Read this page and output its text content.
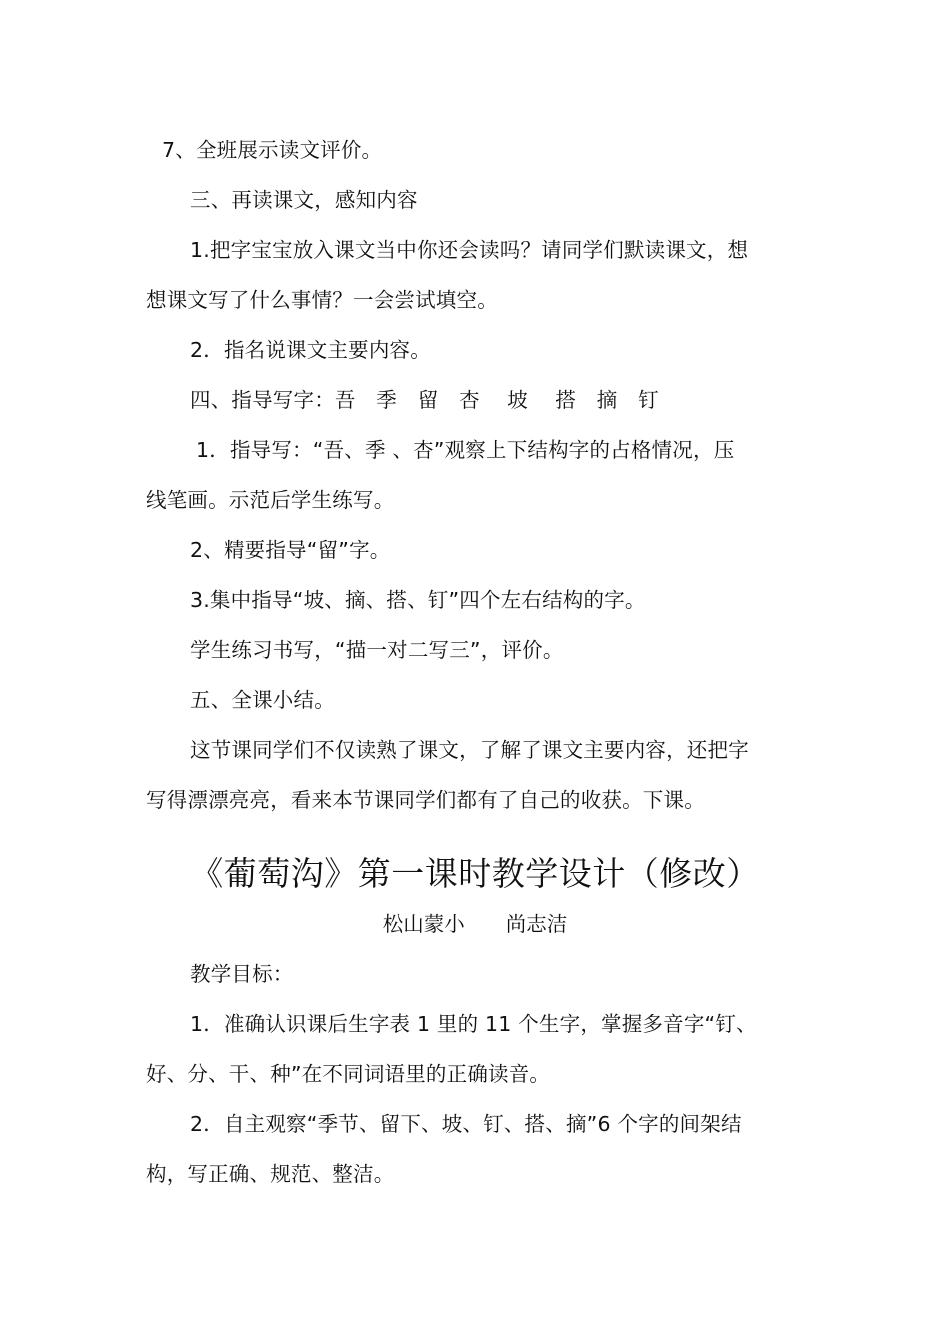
7、全班展示读文评价。
三、再读课文，感知内容
1.把字宝宝放入课文当中你还会读吗？请同学们默读课文，想
想课文写了什么事情？一会尝试填空。
2．指名说课文主要内容。
四、指导写字：吾　季　留　杏　 坡　 搭　摘　钉
1．指导写：“吾、季 、杏”观察上下结构字的占格情况，压
线笔画。示范后学生练写。
2、精要指导“留”字。
3.集中指导“坡、摘、搭、钉”四个左右结构的字。
学生练习书写，“描一对二写三”，评价。
五、全课小结。
这节课同学们不仅读熟了课文，了解了课文主要内容，还把字
写得漂漂亮亮，看来本节课同学们都有了自己的收获。下课。
《葡萄沟》第一课时教学设计（修改）
松山蒙小　　尚志洁
教学目标：
1．准确认识课后生字表 1 里的 11 个生字，掌握多音字“钉、
好、分、干、种”在不同词语里的正确读音。
2．自主观察“季节、留下、坡、钉、搭、摘”6 个字的间架结
构，写正确、规范、整洁。
